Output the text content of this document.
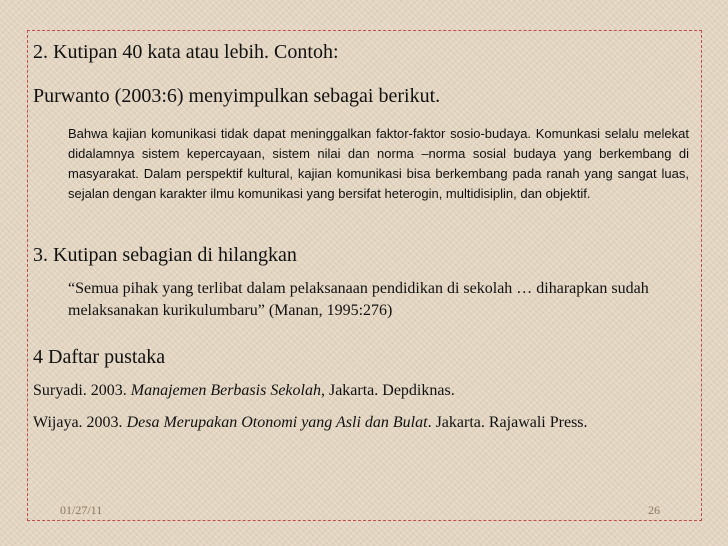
2. Kutipan 40 kata atau lebih. Contoh:
Purwanto (2003:6) menyimpulkan sebagai berikut.

Bahwa kajian komunikasi tidak dapat meninggalkan faktor-faktor sosio-budaya. Komunkasi selalu melekat didalamnya sistem kepercayaan, sistem nilai dan norma –norma sosial budaya yang berkembang di masyarakat. Dalam perspektif kultural, kajian komunikasi bisa berkembang pada ranah yang sangat luas, sejalan dengan karakter ilmu komunikasi yang bersifat heterogin, multidisiplin, dan objektif.

3. Kutipan sebagian di hilangkan

“Semua pihak yang terlibat dalam pelaksanaan pendidikan di sekolah … diharapkan sudah melaksanakan kurikulumbaru” (Manan, 1995:276)

4 Daftar pustaka
Suryadi. 2003. Manajemen Berbasis Sekolah, Jakarta. Depdiknas.
Wijaya. 2003. Desa Merupakan Otonomi yang Asli dan Bulat. Jakarta. Rajawali Press.
01/27/11	26
